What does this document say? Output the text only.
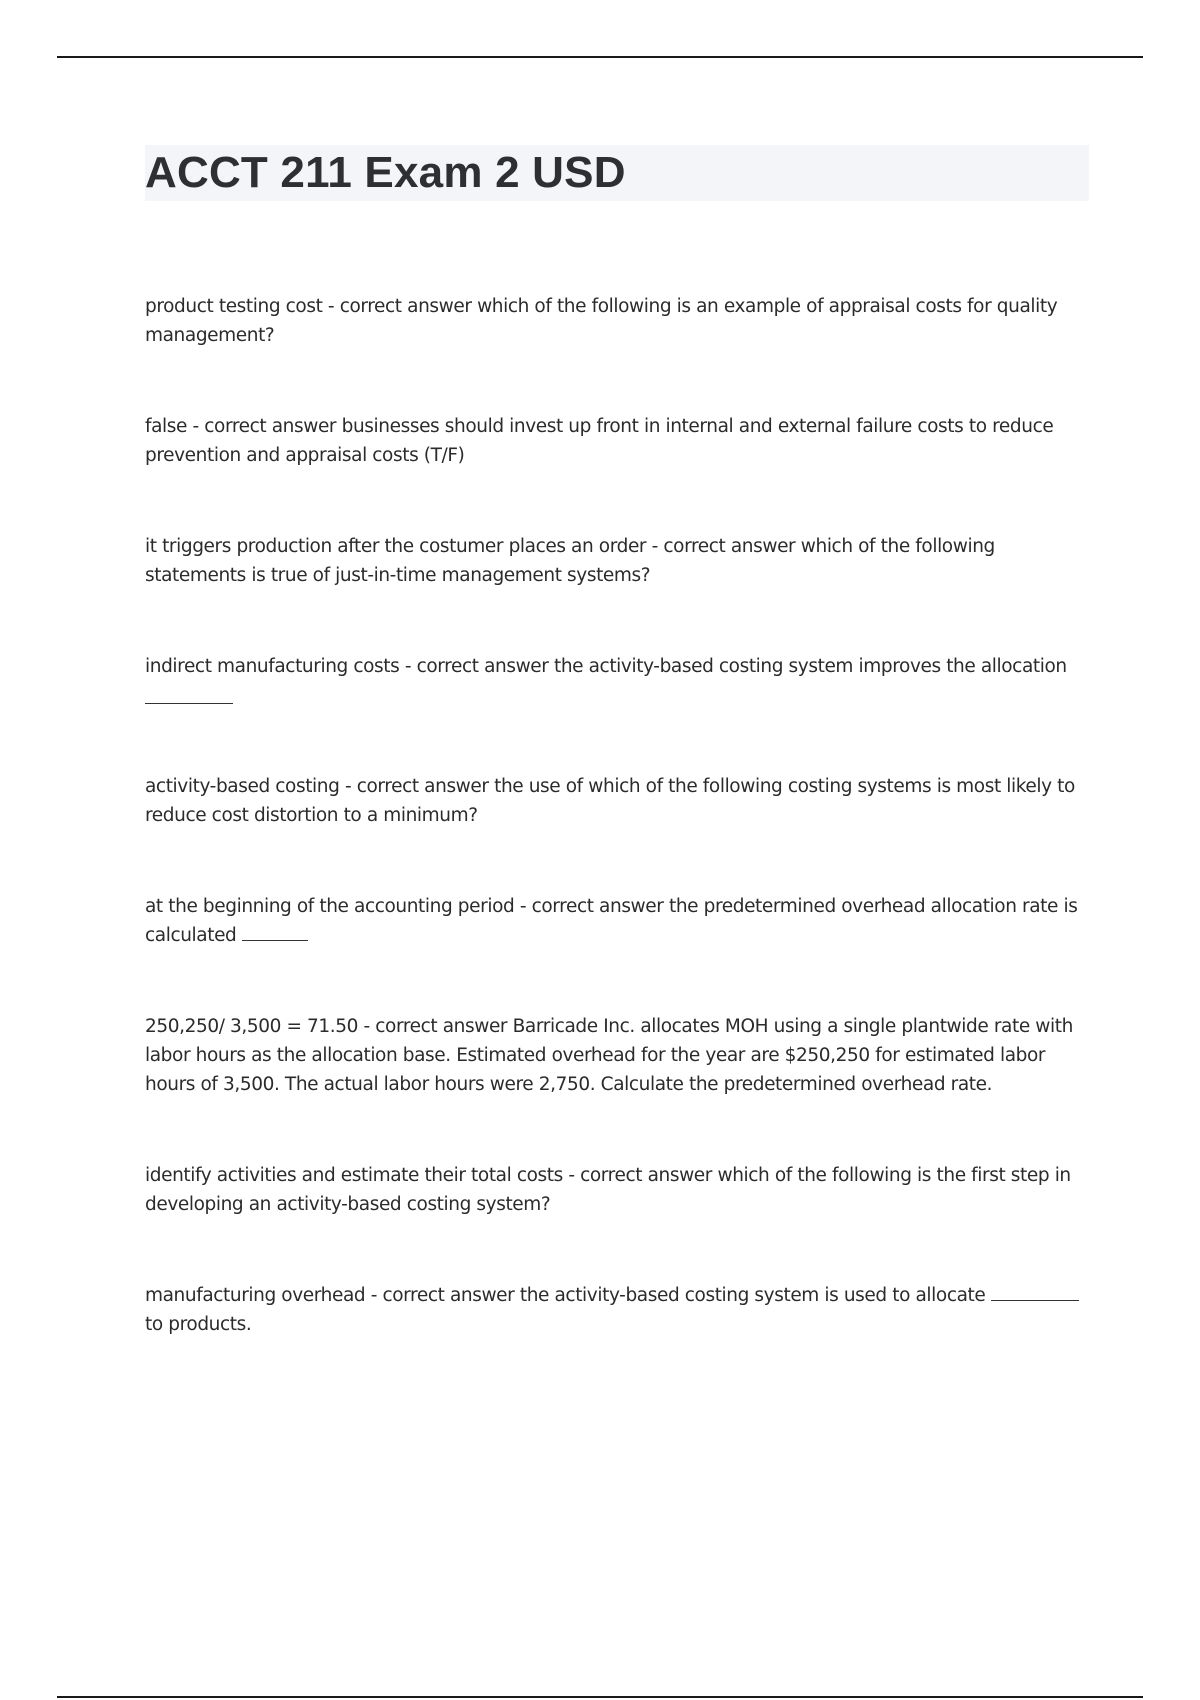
ACCT 211 Exam 2 USD
product testing cost - correct answer which of the following is an example of appraisal costs for quality management?
false - correct answer businesses should invest up front in internal and external failure costs to reduce prevention and appraisal costs (T/F)
it triggers production after the costumer places an order - correct answer which of the following statements is true of just-in-time management systems?
indirect manufacturing costs - correct answer the activity-based costing system improves the allocation
activity-based costing - correct answer the use of which of the following costing systems is most likely to reduce cost distortion to a minimum?
at the beginning of the accounting period - correct answer the predetermined overhead allocation rate is calculated
250,250/ 3,500 = 71.50 - correct answer Barricade Inc. allocates MOH using a single plantwide rate with labor hours as the allocation base. Estimated overhead for the year are $250,250 for estimated labor hours of 3,500. The actual labor hours were 2,750. Calculate the predetermined overhead rate.
identify activities and estimate their total costs - correct answer which of the following is the first step in developing an activity-based costing system?
manufacturing overhead - correct answer the activity-based costing system is used to allocate  to products.
